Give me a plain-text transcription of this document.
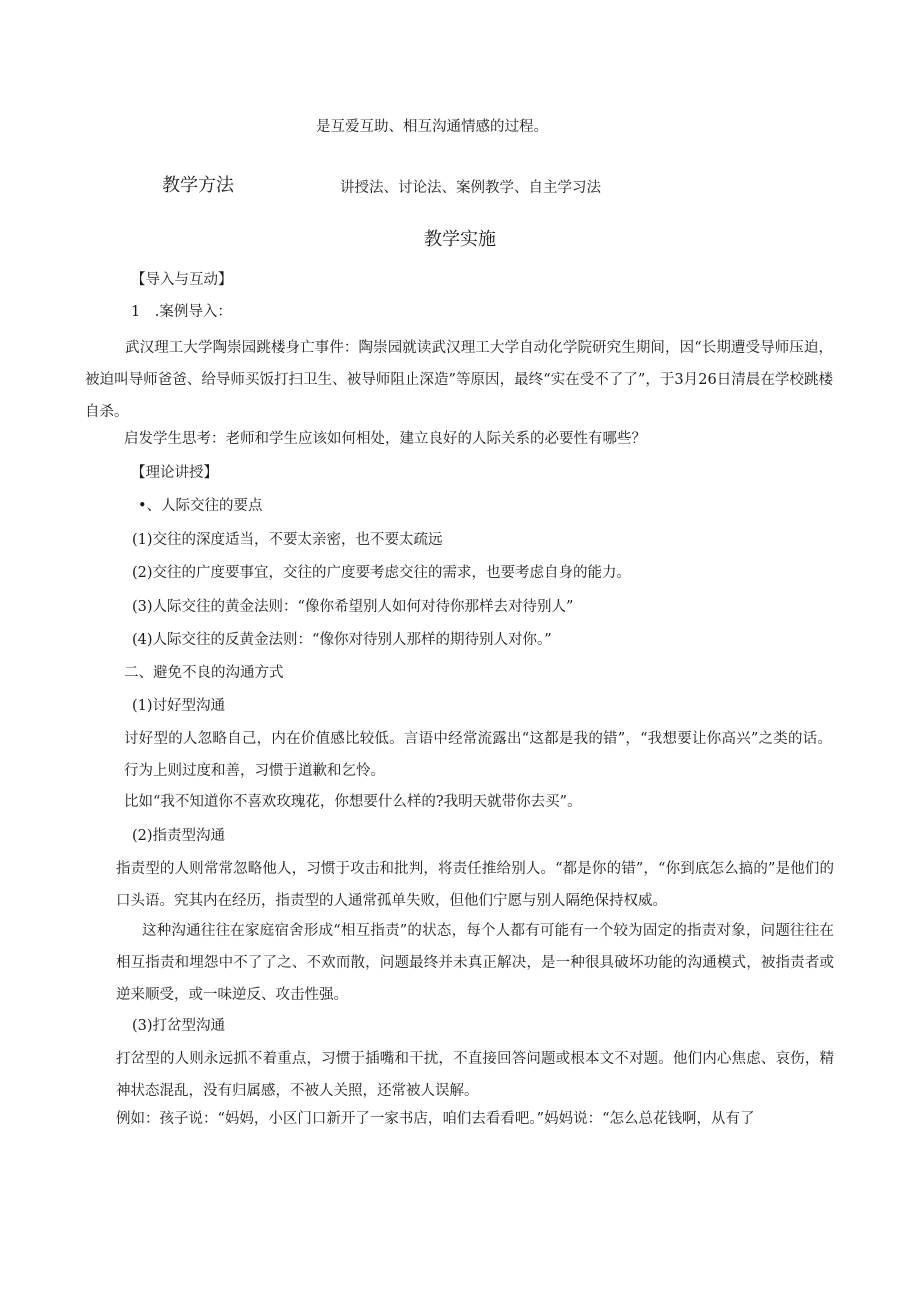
是互爱互助、相互沟通情感的过程。
教学方法	讲授法、讨论法、案例教学、自主学习法
教学实施
【导入与互动】
1　.案例导入：
武汉理工大学陶崇园跳楼身亡事件：陶崇园就读武汉理工大学自动化学院研究生期间，因“长期遭受导师压迫，被迫叫导师爸爸、给导师买饭打扫卫生、被导师阻止深造”等原因，最终“实在受不了了”，于3月26日清晨在学校跳楼自杀。
启发学生思考：老师和学生应该如何相处，建立良好的人际关系的必要性有哪些？
【理论讲授】
•、人际交往的要点
(1)交往的深度适当，不要太亲密，也不要太疏远
(2)交往的广度要事宜，交往的广度要考虑交往的需求，也要考虑自身的能力。
(3)人际交往的黄金法则：“像你希望别人如何对待你那样去对待别人”
(4)人际交往的反黄金法则：“像你对待别人那样的期待别人对你。”
二、避免不良的沟通方式
(1)讨好型沟通
讨好型的人忽略自己，内在价值感比较低。言语中经常流露出“这都是我的错”，“我想要让你高兴”之类的话。行为上则过度和善，习惯于道歉和乞怜。
比如“我不知道你不喜欢玫瑰花，你想要什么样的?我明天就带你去买”。
(2)指责型沟通
指责型的人则常常忽略他人，习惯于攻击和批判，将责任推给别人。“都是你的错”，“你到底怎么搞的”是他们的口头语。究其内在经历，指责型的人通常孤单失败，但他们宁愿与别人隔绝保持权威。
这种沟通往往在家庭宿舍形成“相互指责”的状态，每个人都有可能有一个较为固定的指责对象，问题往往在相互指责和埋怨中不了了之、不欢而散，问题最终并未真正解决，是一种很具破坏功能的沟通模式，被指责者或逆来顺受，或一味逆反、攻击性强。
(3)打岔型沟通
打岔型的人则永远抓不着重点，习惯于插嘴和干扰，不直接回答问题或根本文不对题。他们内心焦虑、哀伤，精神状态混乱，没有归属感，不被人关照，还常被人误解。
例如：孩子说：“妈妈，小区门口新开了一家书店，咱们去看看吧。”妈妈说：“怎么总花钱啊，从有了
